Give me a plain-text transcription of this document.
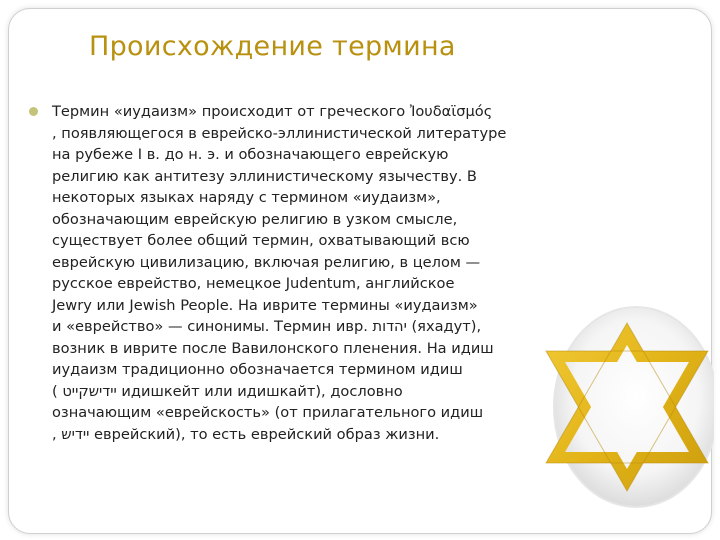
Происхождение термина
Термин «иудаизм» происходит от греческого Ἰουδαϊσμός
, появляющегося в еврейско-эллинистической литературе
на рубеже I в. до н. э. и обозначающего еврейскую
религию как антитезу эллинистическому язычеству. В
некоторых языках наряду с термином «иудаизм»,
обозначающим еврейскую религию в узком смысле,
существует более общий термин, охватывающий всю
еврейскую цивилизацию, включая религию, в целом —
русское еврейство, немецкое Judentum, английское
Jewry или Jewish People. На иврите термины «иудаизм»
и «еврейство» — синонимы. Термин ивр. יהדות (яхадут),
возник в иврите после Вавилонского пленения. На идиш
иудаизм традиционно обозначается термином идиш
( יידישקייט идишкейт или идишкайт), дословно
означающим «еврейскость» (от прилагательного идиш
, יידיש еврейский), то есть еврейский образ жизни.
